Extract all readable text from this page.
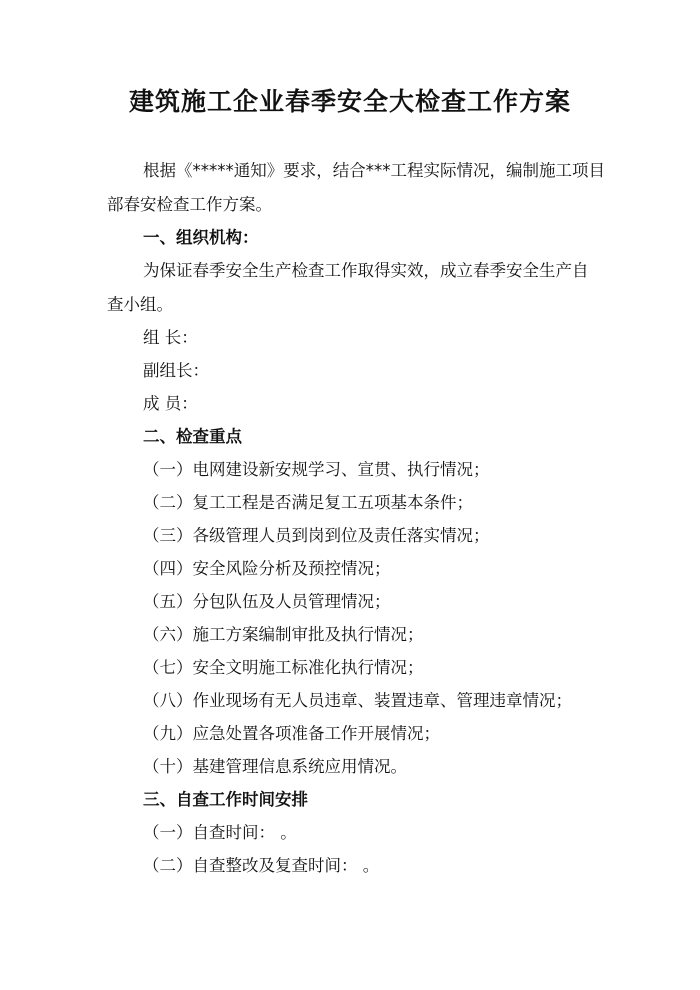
建筑施工企业春季安全大检查工作方案
根据《*****通知》要求，结合***工程实际情况，编制施工项目
部春安检查工作方案。
一、组织机构：
为保证春季安全生产检查工作取得实效，成立春季安全生产自
查小组。
组 长：
副组长：
成 员：
二、检查重点
（一）电网建设新安规学习、宣贯、执行情况；
（二）复工工程是否满足复工五项基本条件；
（三）各级管理人员到岗到位及责任落实情况；
（四）安全风险分析及预控情况；
（五）分包队伍及人员管理情况；
（六）施工方案编制审批及执行情况；
（七）安全文明施工标准化执行情况；
（八）作业现场有无人员违章、装置违章、管理违章情况；
（九）应急处置各项准备工作开展情况；
（十）基建管理信息系统应用情况。
三、自查工作时间安排
（一）自查时间： 。
（二）自查整改及复查时间： 。
